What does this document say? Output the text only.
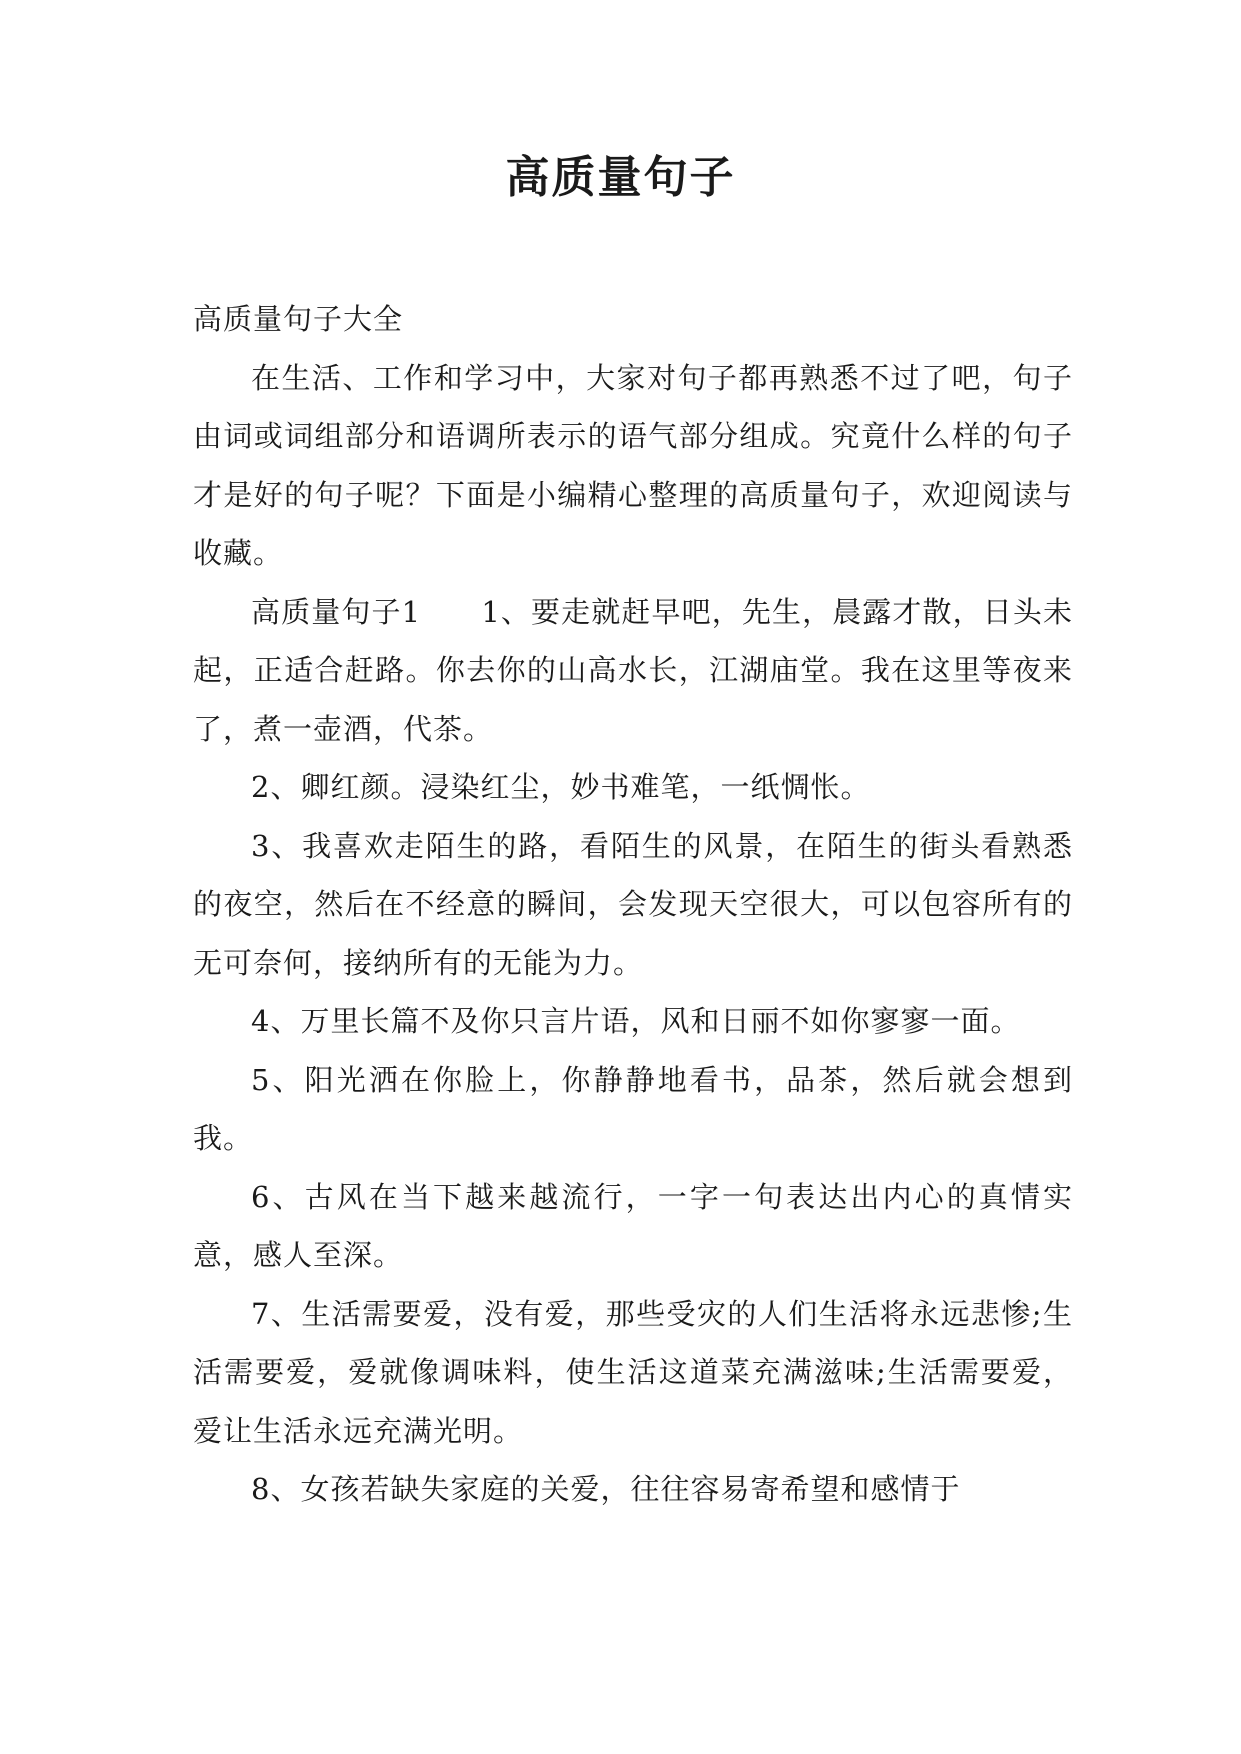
高质量句子

高质量句子大全

在生活、工作和学习中，大家对句子都再熟悉不过了吧，句子由词或词组部分和语调所表示的语气部分组成。究竟什么样的句子才是好的句子呢？下面是小编精心整理的高质量句子，欢迎阅读与收藏。

高质量句子1　　1、要走就赶早吧，先生，晨露才散，日头未起，正适合赶路。你去你的山高水长，江湖庙堂。我在这里等夜来了，煮一壶酒，代茶。

2、卿红颜。浸染红尘，妙书难笔，一纸惆怅。

3、我喜欢走陌生的路，看陌生的风景，在陌生的街头看熟悉的夜空，然后在不经意的瞬间，会发现天空很大，可以包容所有的无可奈何，接纳所有的无能为力。

4、万里长篇不及你只言片语，风和日丽不如你寥寥一面。

5、阳光洒在你脸上，你静静地看书，品茶，然后就会想到我。

6、古风在当下越来越流行，一字一句表达出内心的真情实意，感人至深。

7、生活需要爱，没有爱，那些受灾的人们生活将永远悲惨;生活需要爱，爱就像调味料，使生活这道菜充满滋味;生活需要爱，爱让生活永远充满光明。

8、女孩若缺失家庭的关爱，往往容易寄希望和感情于
